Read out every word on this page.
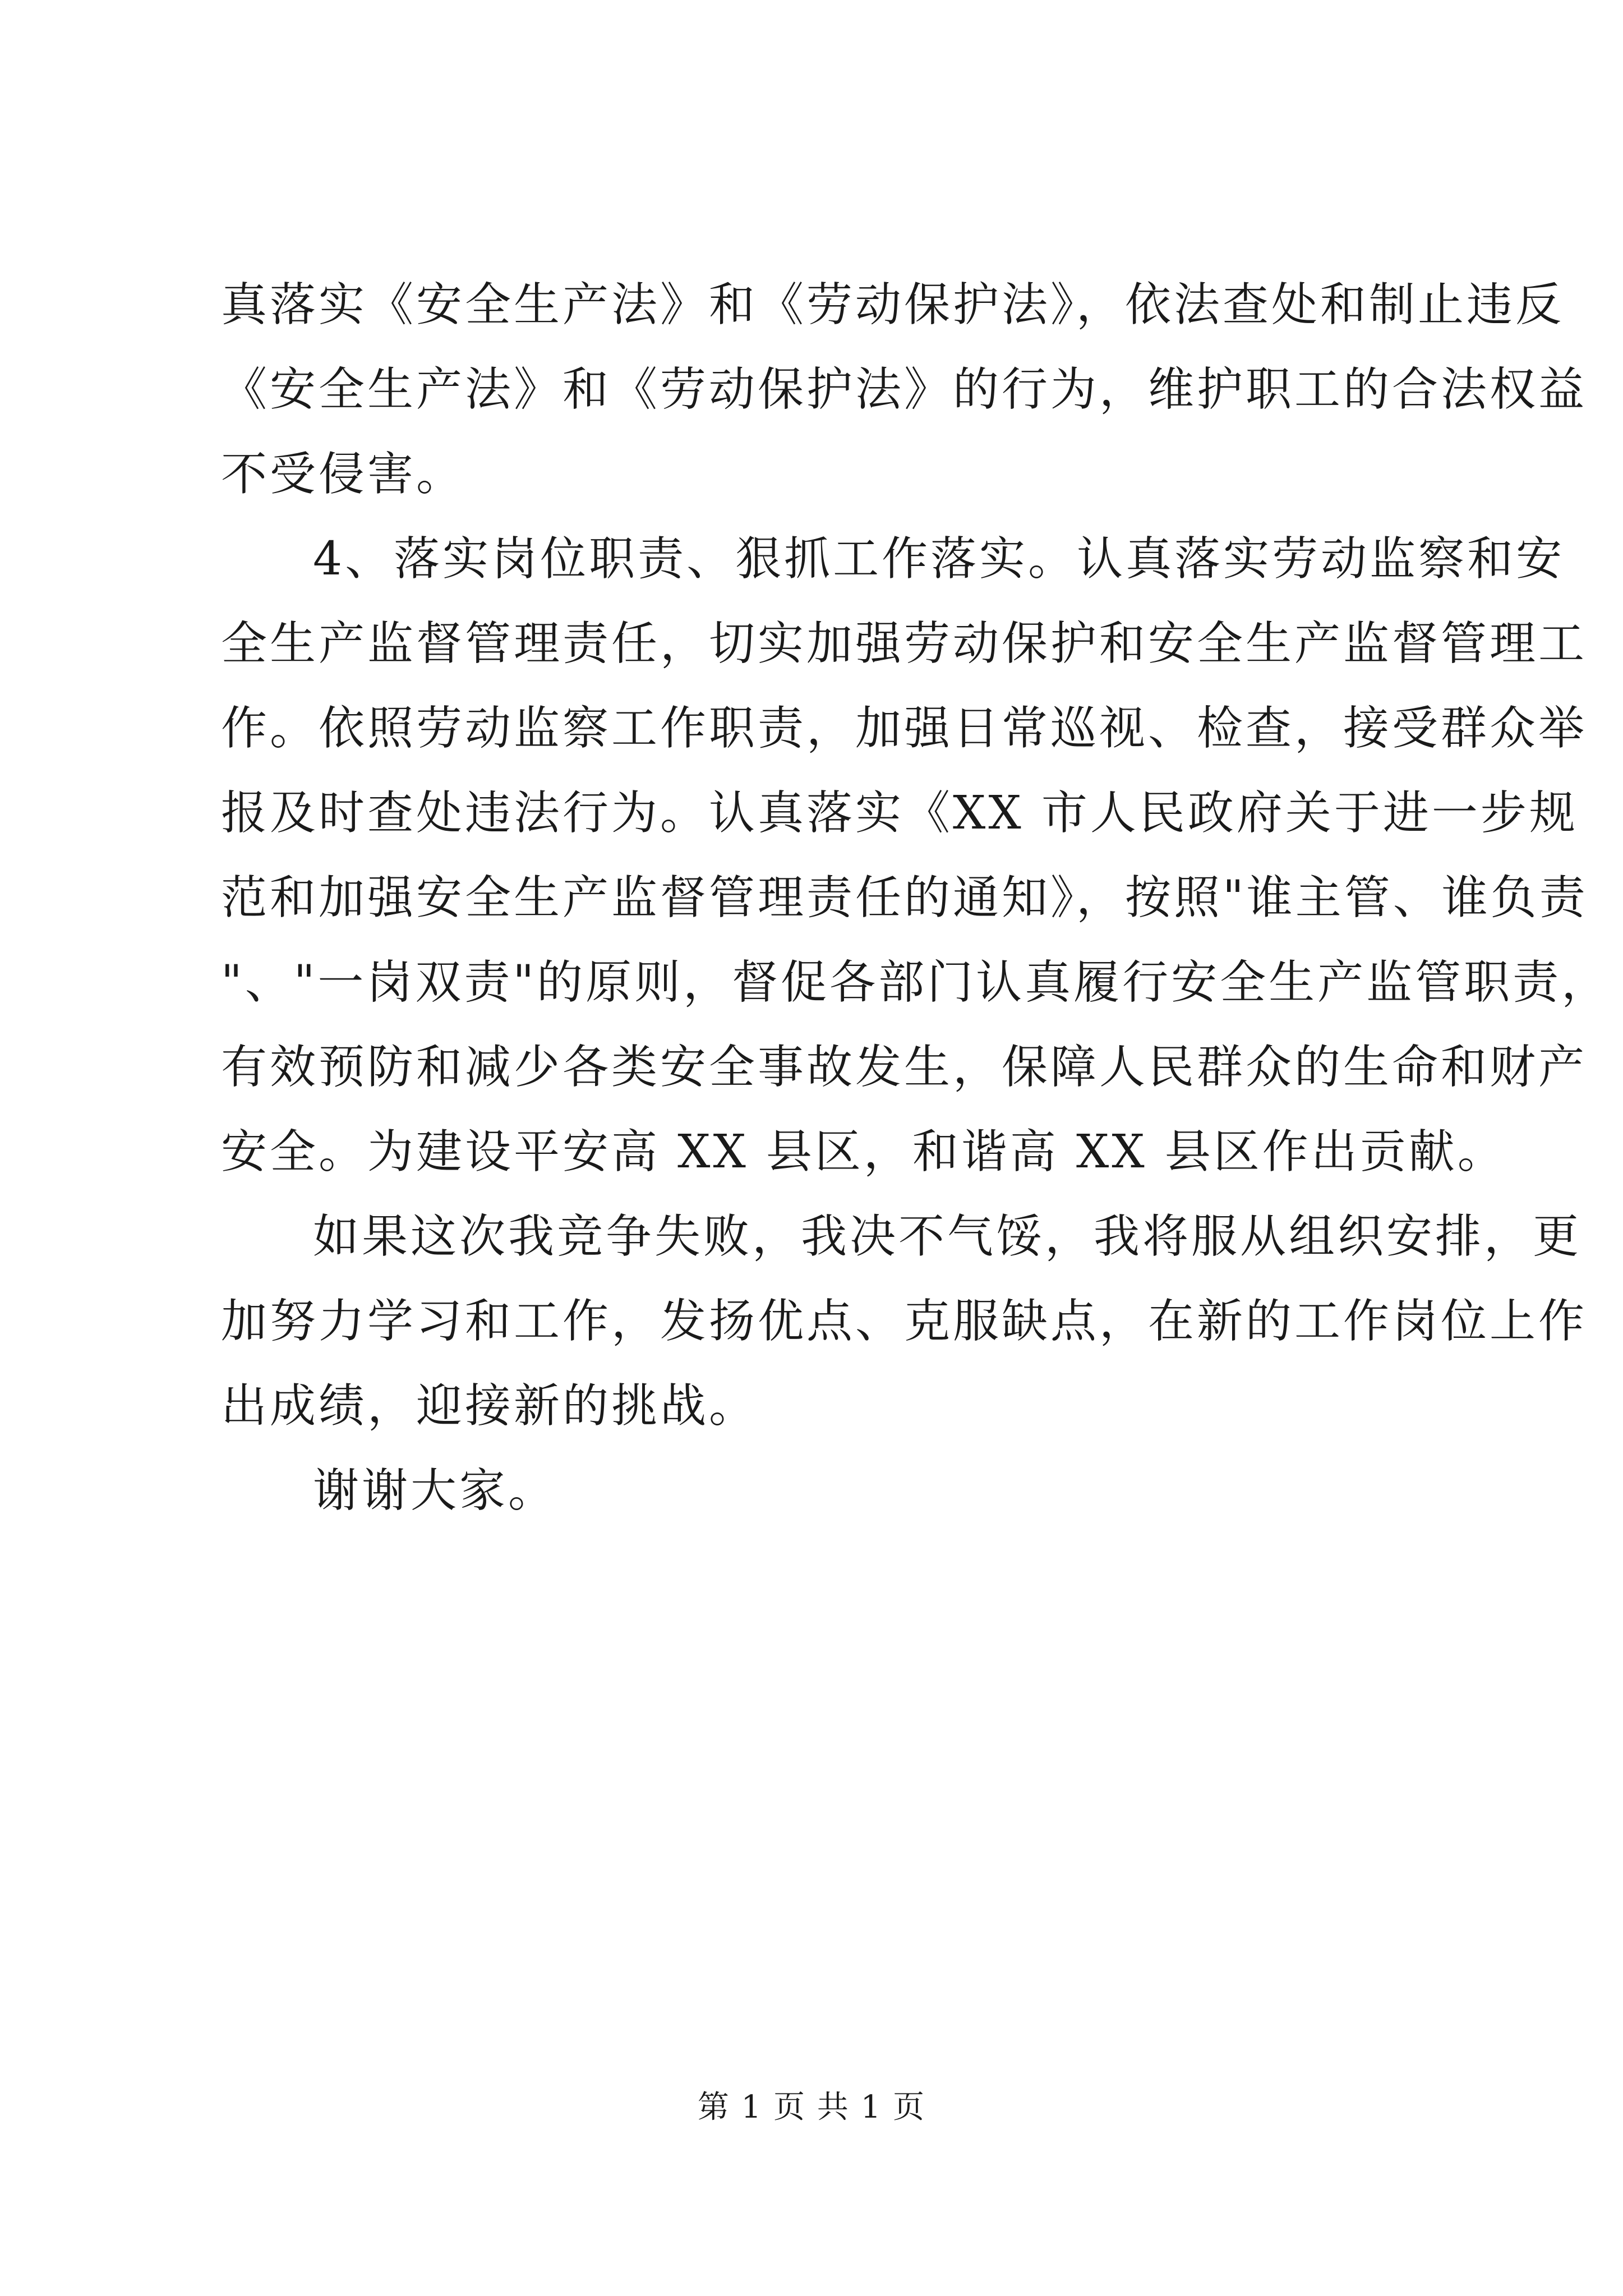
真落实《安全生产法》和《劳动保护法》，依法查处和制止违反
《安全生产法》和《劳动保护法》的行为，维护职工的合法权益
不受侵害。
4、落实岗位职责、狠抓工作落实。认真落实劳动监察和安
全生产监督管理责任，切实加强劳动保护和安全生产监督管理工
作。依照劳动监察工作职责，加强日常巡视、检查，接受群众举
报及时查处违法行为。认真落实《XX 市人民政府关于进一步规
范和加强安全生产监督管理责任的通知》，按照"谁主管、谁负责
"、"一岗双责"的原则，督促各部门认真履行安全生产监管职责，
有效预防和减少各类安全事故发生，保障人民群众的生命和财产
安全。为建设平安高 XX 县区，和谐高 XX 县区作出贡献。
如果这次我竞争失败，我决不气馁，我将服从组织安排，更
加努力学习和工作，发扬优点、克服缺点，在新的工作岗位上作
出成绩，迎接新的挑战。
谢谢大家。
第 1 页 共 1 页
